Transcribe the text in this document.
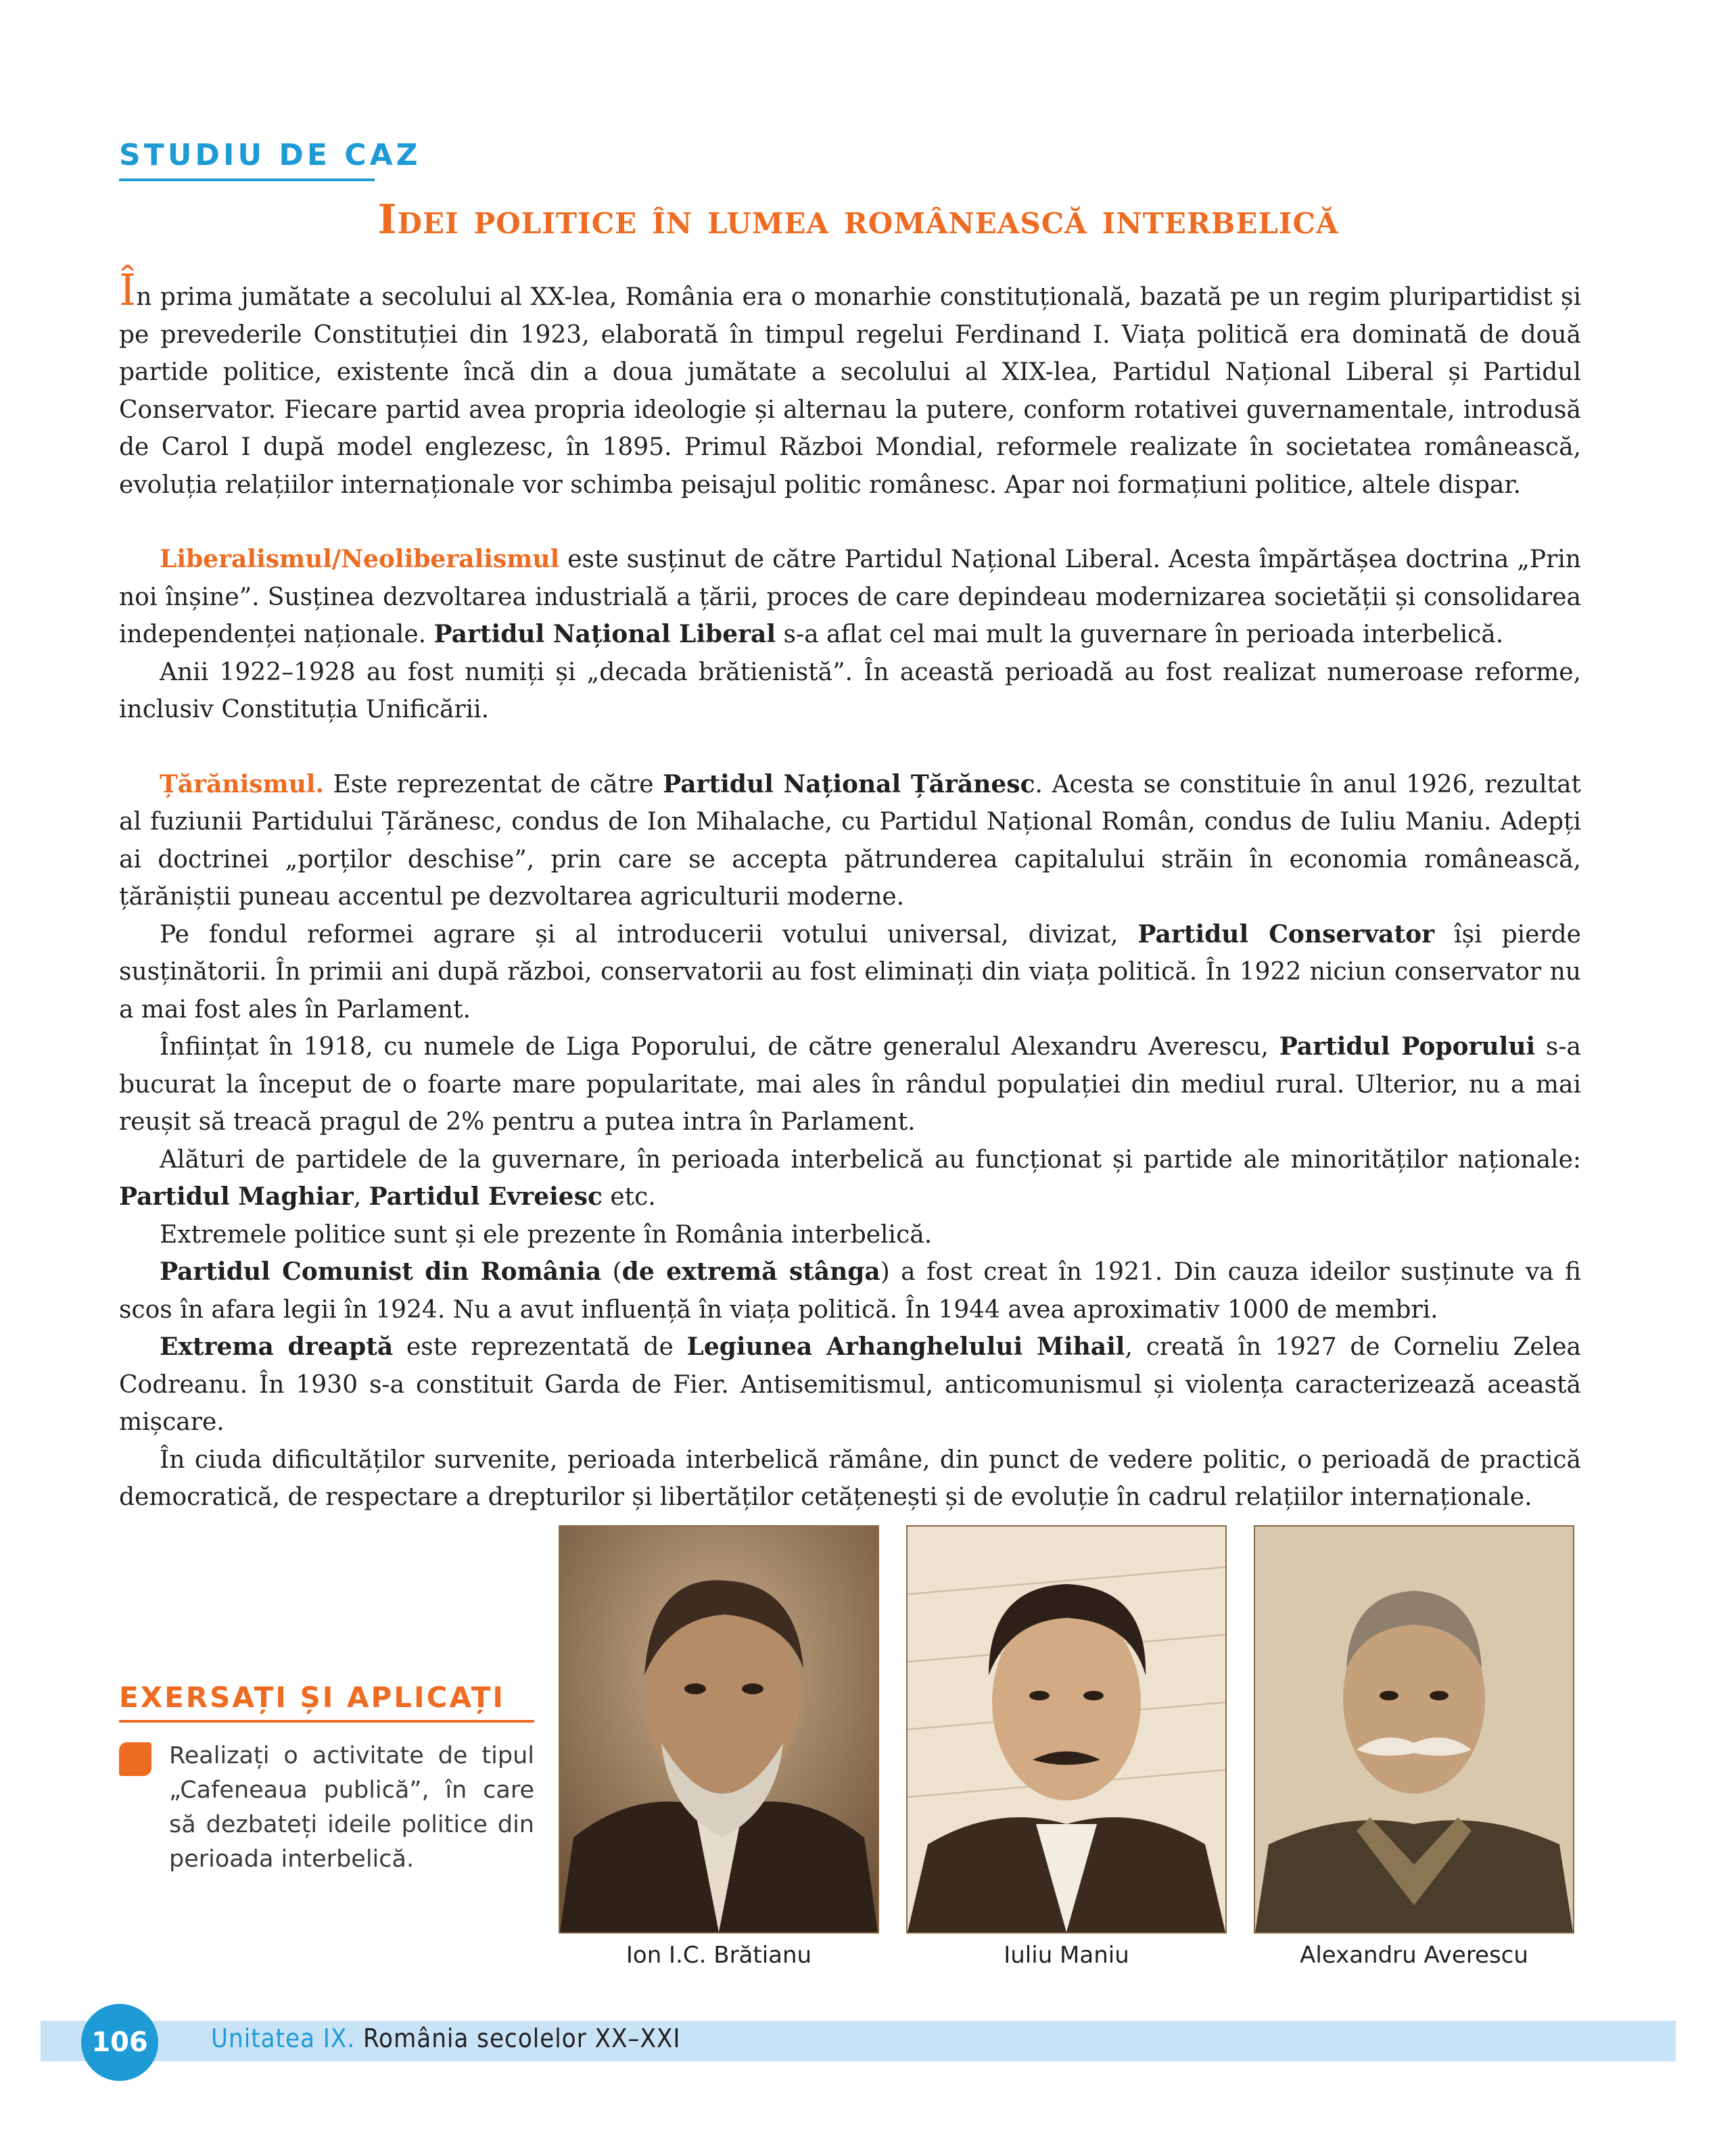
STUDIU DE CAZ
Idei politice în lumea românească interbelică

În prima jumătate a secolului al XX-lea, România era o monarhie constituțională, bazată pe un regim pluripartidist și pe prevederile Constituției din 1923, elaborată în timpul regelui Ferdinand I. Viața politică era dominată de două partide politice, existente încă din a doua jumătate a secolului al XIX-lea, Partidul Național Liberal și Partidul Conservator. Fiecare partid avea propria ideologie și alternau la putere, conform rotativei guvernamentale, introdusă de Carol I după model englezesc, în 1895. Primul Război Mondial, reformele realizate în societatea românească, evoluția relațiilor internaționale vor schimba peisajul politic românesc. Apar noi formațiuni politice, altele dispar.

Liberalismul/Neoliberalismul este susținut de către Partidul Național Liberal. Acesta împărtășea doctrina „Prin noi înșine”. Susținea dezvoltarea industrială a țării, proces de care depindeau modernizarea societății și consolidarea independenței naționale. Partidul Național Liberal s-a aflat cel mai mult la guvernare în perioada interbelică.

Anii 1922–1928 au fost numiți și „decada brătienistă”. În această perioadă au fost realizat numeroase reforme, inclusiv Constituția Unificării.

Țărănismul. Este reprezentat de către Partidul Național Țărănesc. Acesta se constituie în anul 1926, rezultat al fuziunii Partidului Țărănesc, condus de Ion Mihalache, cu Partidul Național Român, condus de Iuliu Maniu. Adepți ai doctrinei „porților deschise”, prin care se accepta pătrunderea capitalului străin în economia românească, țărăniștii puneau accentul pe dezvoltarea agriculturii moderne.

Pe fondul reformei agrare și al introducerii votului universal, divizat, Partidul Conservator își pierde susținătorii. În primii ani după război, conservatorii au fost eliminați din viața politică. În 1922 niciun conservator nu a mai fost ales în Parlament.

Înființat în 1918, cu numele de Liga Poporului, de către generalul Alexandru Averescu, Partidul Poporului s-a bucurat la început de o foarte mare popularitate, mai ales în rândul populației din mediul rural. Ulterior, nu a mai reușit să treacă pragul de 2% pentru a putea intra în Parlament.

Alături de partidele de la guvernare, în perioada interbelică au funcționat și partide ale minorităților naționale: Partidul Maghiar, Partidul Evreiesc etc.

Extremele politice sunt și ele prezente în România interbelică.

Partidul Comunist din România (de extremă stânga) a fost creat în 1921. Din cauza ideilor susținute va fi scos în afara legii în 1924. Nu a avut influență în viața politică. În 1944 avea aproximativ 1000 de membri.

Extrema dreaptă este reprezentată de Legiunea Arhanghelului Mihail, creată în 1927 de Corneliu Zelea Codreanu. În 1930 s-a constituit Garda de Fier. Antisemitismul, anticomunismul și violența caracterizează această mișcare.

În ciuda dificultăților survenite, perioada interbelică rămâne, din punct de vedere politic, o perioadă de practică democratică, de respectare a drepturilor și libertăților cetățenești și de evoluție în cadrul relațiilor internaționale.

EXERSAȚI ȘI APLICAȚI
Realizați o activitate de tipul „Cafeneaua publică”, în care să dezbateți ideile politice din perioada interbelică.
Ion I.C. Brătianu	Iuliu Maniu	Alexandru Averescu
106 Unitatea IX. România secolelor XX–XXI
